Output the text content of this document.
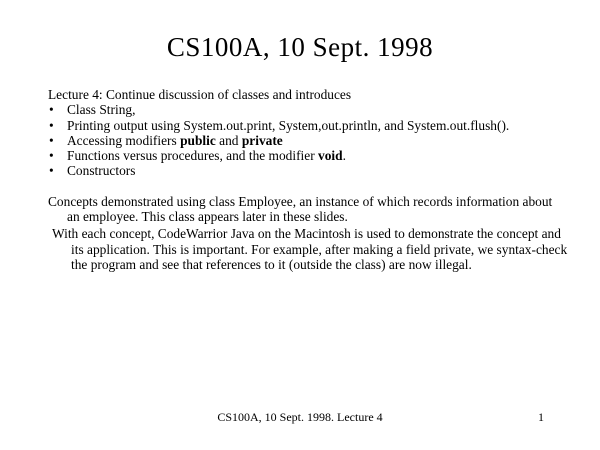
CS100A, 10 Sept. 1998

Lecture 4: Continue discussion of classes and introduces

• Class String,
• Printing output using System.out.print, System,out.println, and System.out.flush().
• Accessing modifiers public and private
• Functions versus procedures, and the modifier void.
• Constructors

Concepts demonstrated using class Employee, an instance of which records information about an employee. This class appears later in these slides.

With each concept, CodeWarrior Java on the Macintosh is used to demonstrate the concept and its application. This is important. For example, after making a field private, we syntax-check the program and see that references to it (outside the class) are now illegal.

CS100A, 10 Sept. 1998. Lecture 4	1
